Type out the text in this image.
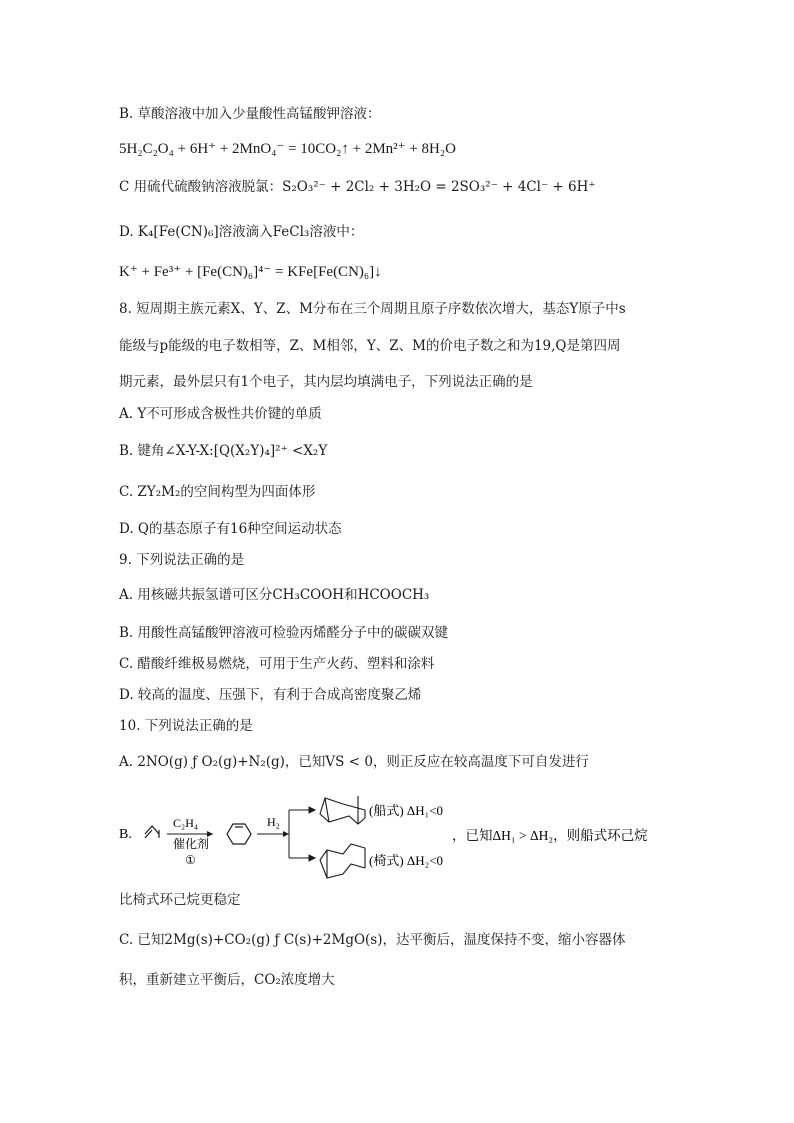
B. 草酸溶液中加入少量酸性高锰酸钾溶液：
5H₂C₂O₄ + 6H⁺ + 2MnO₄⁻ = 10CO₂↑ + 2Mn²⁺ + 8H₂O
C 用硫代硫酸钠溶液脱氯：S₂O₃²⁻ + 2Cl₂ + 3H₂O = 2SO₃²⁻ + 4Cl⁻ + 6H⁺
D. K₄[Fe(CN)₆]溶液滴入FeCl₃溶液中：
K⁺ + Fe³⁺ + [Fe(CN)₆]⁴⁻ = KFe[Fe(CN)₆]↓
8. 短周期主族元素X、Y、Z、M分布在三个周期且原子序数依次增大，基态Y原子中s
能级与p能级的电子数相等，Z、M相邻，Y、Z、M的价电子数之和为19,Q是第四周
期元素，最外层只有1个电子，其内层均填满电子，下列说法正确的是
A. Y不可形成含极性共价键的单质
B. 键角∠X-Y-X:[Q(X₂Y)₄]²⁺ <X₂Y
C. ZY₂M₂的空间构型为四面体形
D. Q的基态原子有16种空间运动状态
9. 下列说法正确的是
A. 用核磁共振氢谱可区分CH₃COOH和HCOOCH₃
B. 用酸性高锰酸钾溶液可检验丙烯醛分子中的碳碳双键
C. 醋酸纤维极易燃烧，可用于生产火药、塑料和涂料
D. 较高的温度、压强下，有利于合成高密度聚乙烯
10. 下列说法正确的是
A. 2NO(g) ƒ O₂(g)+N₂(g)，已知VS < 0，则正反应在较高温度下可自发进行
B.
C₂H₄
催化剂
①
H₂
(船式) ΔH₁<0
(椅式) ΔH₂<0
，已知ΔH₁ > ΔH₂，则船式环己烷
比椅式环己烷更稳定
C. 已知2Mg(s)+CO₂(g) ƒ C(s)+2MgO(s)，达平衡后，温度保持不变，缩小容器体
积，重新建立平衡后，CO₂浓度增大
